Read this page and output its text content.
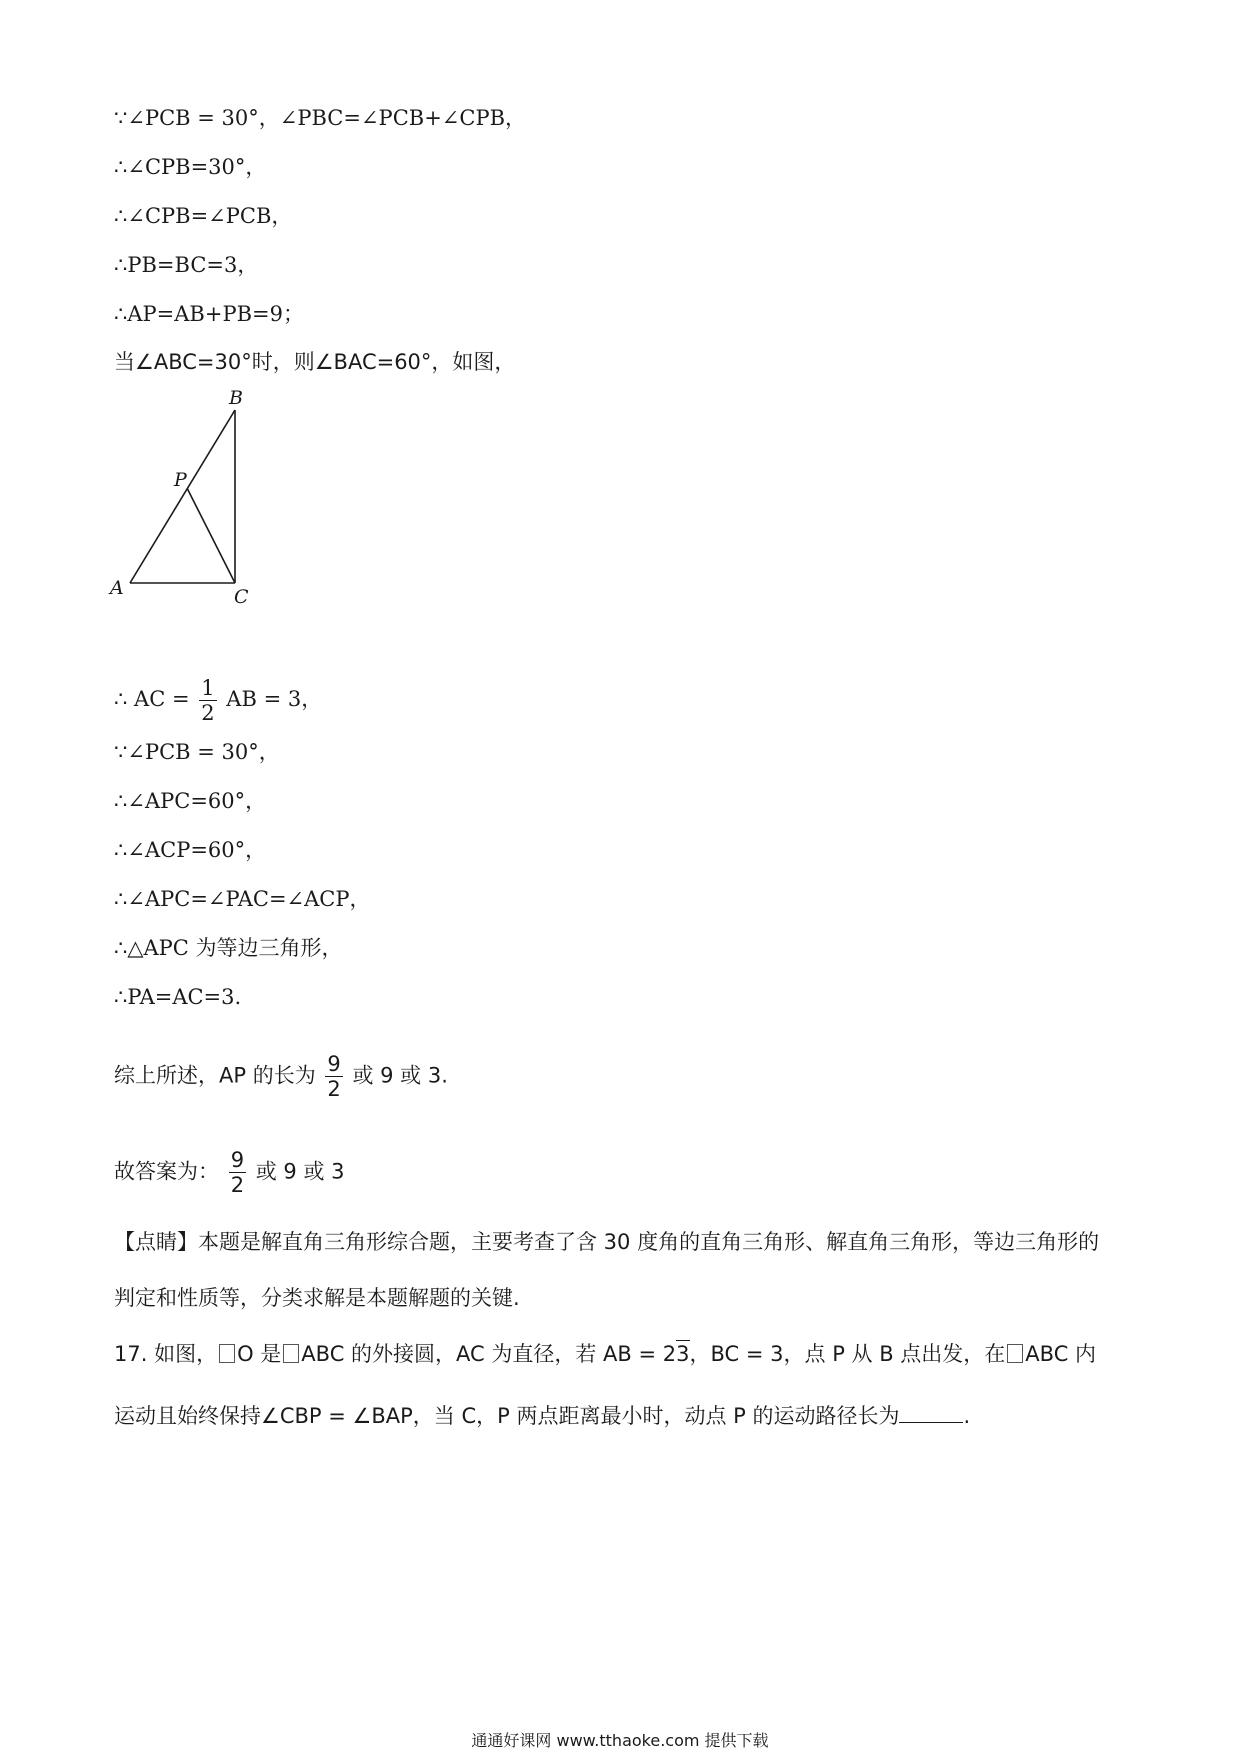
∵∠PCB = 30°，∠PBC=∠PCB+∠CPB，
∴∠CPB=30°，
∴∠CPB=∠PCB，
∴PB=BC=3，
∴AP=AB+PB=9；
当∠ABC=30°时，则∠BAC=60°，如图，
B
P
A	C
∴ AC = $\frac{1}{2}$ AB = 3，
∵∠PCB = 30°，
∴∠APC=60°，
∴∠ACP=60°，
∴∠APC=∠PAC=∠ACP，
∴△APC 为等边三角形，
∴PA=AC=3.
综上所述，AP 的长为 $\frac{9}{2}$ 或 9 或 3.
故答案为： $\frac{9}{2}$ 或 9 或 3
【点睛】本题是解直角三角形综合题，主要考查了含 30 度角的直角三角形、解直角三角形，等边三角形的
判定和性质等，分类求解是本题解题的关键.
17. 如图， O 是 ABC 的外接圆，AC 为直径，若 AB = 23，BC = 3，点 P 从 B 点出发，在 ABC 内
运动且始终保持∠CBP = ∠BAP，当 C，P 两点距离最小时，动点 P 的运动路径长为	.
通通好课网 www.tthaoke.com 提供下载
